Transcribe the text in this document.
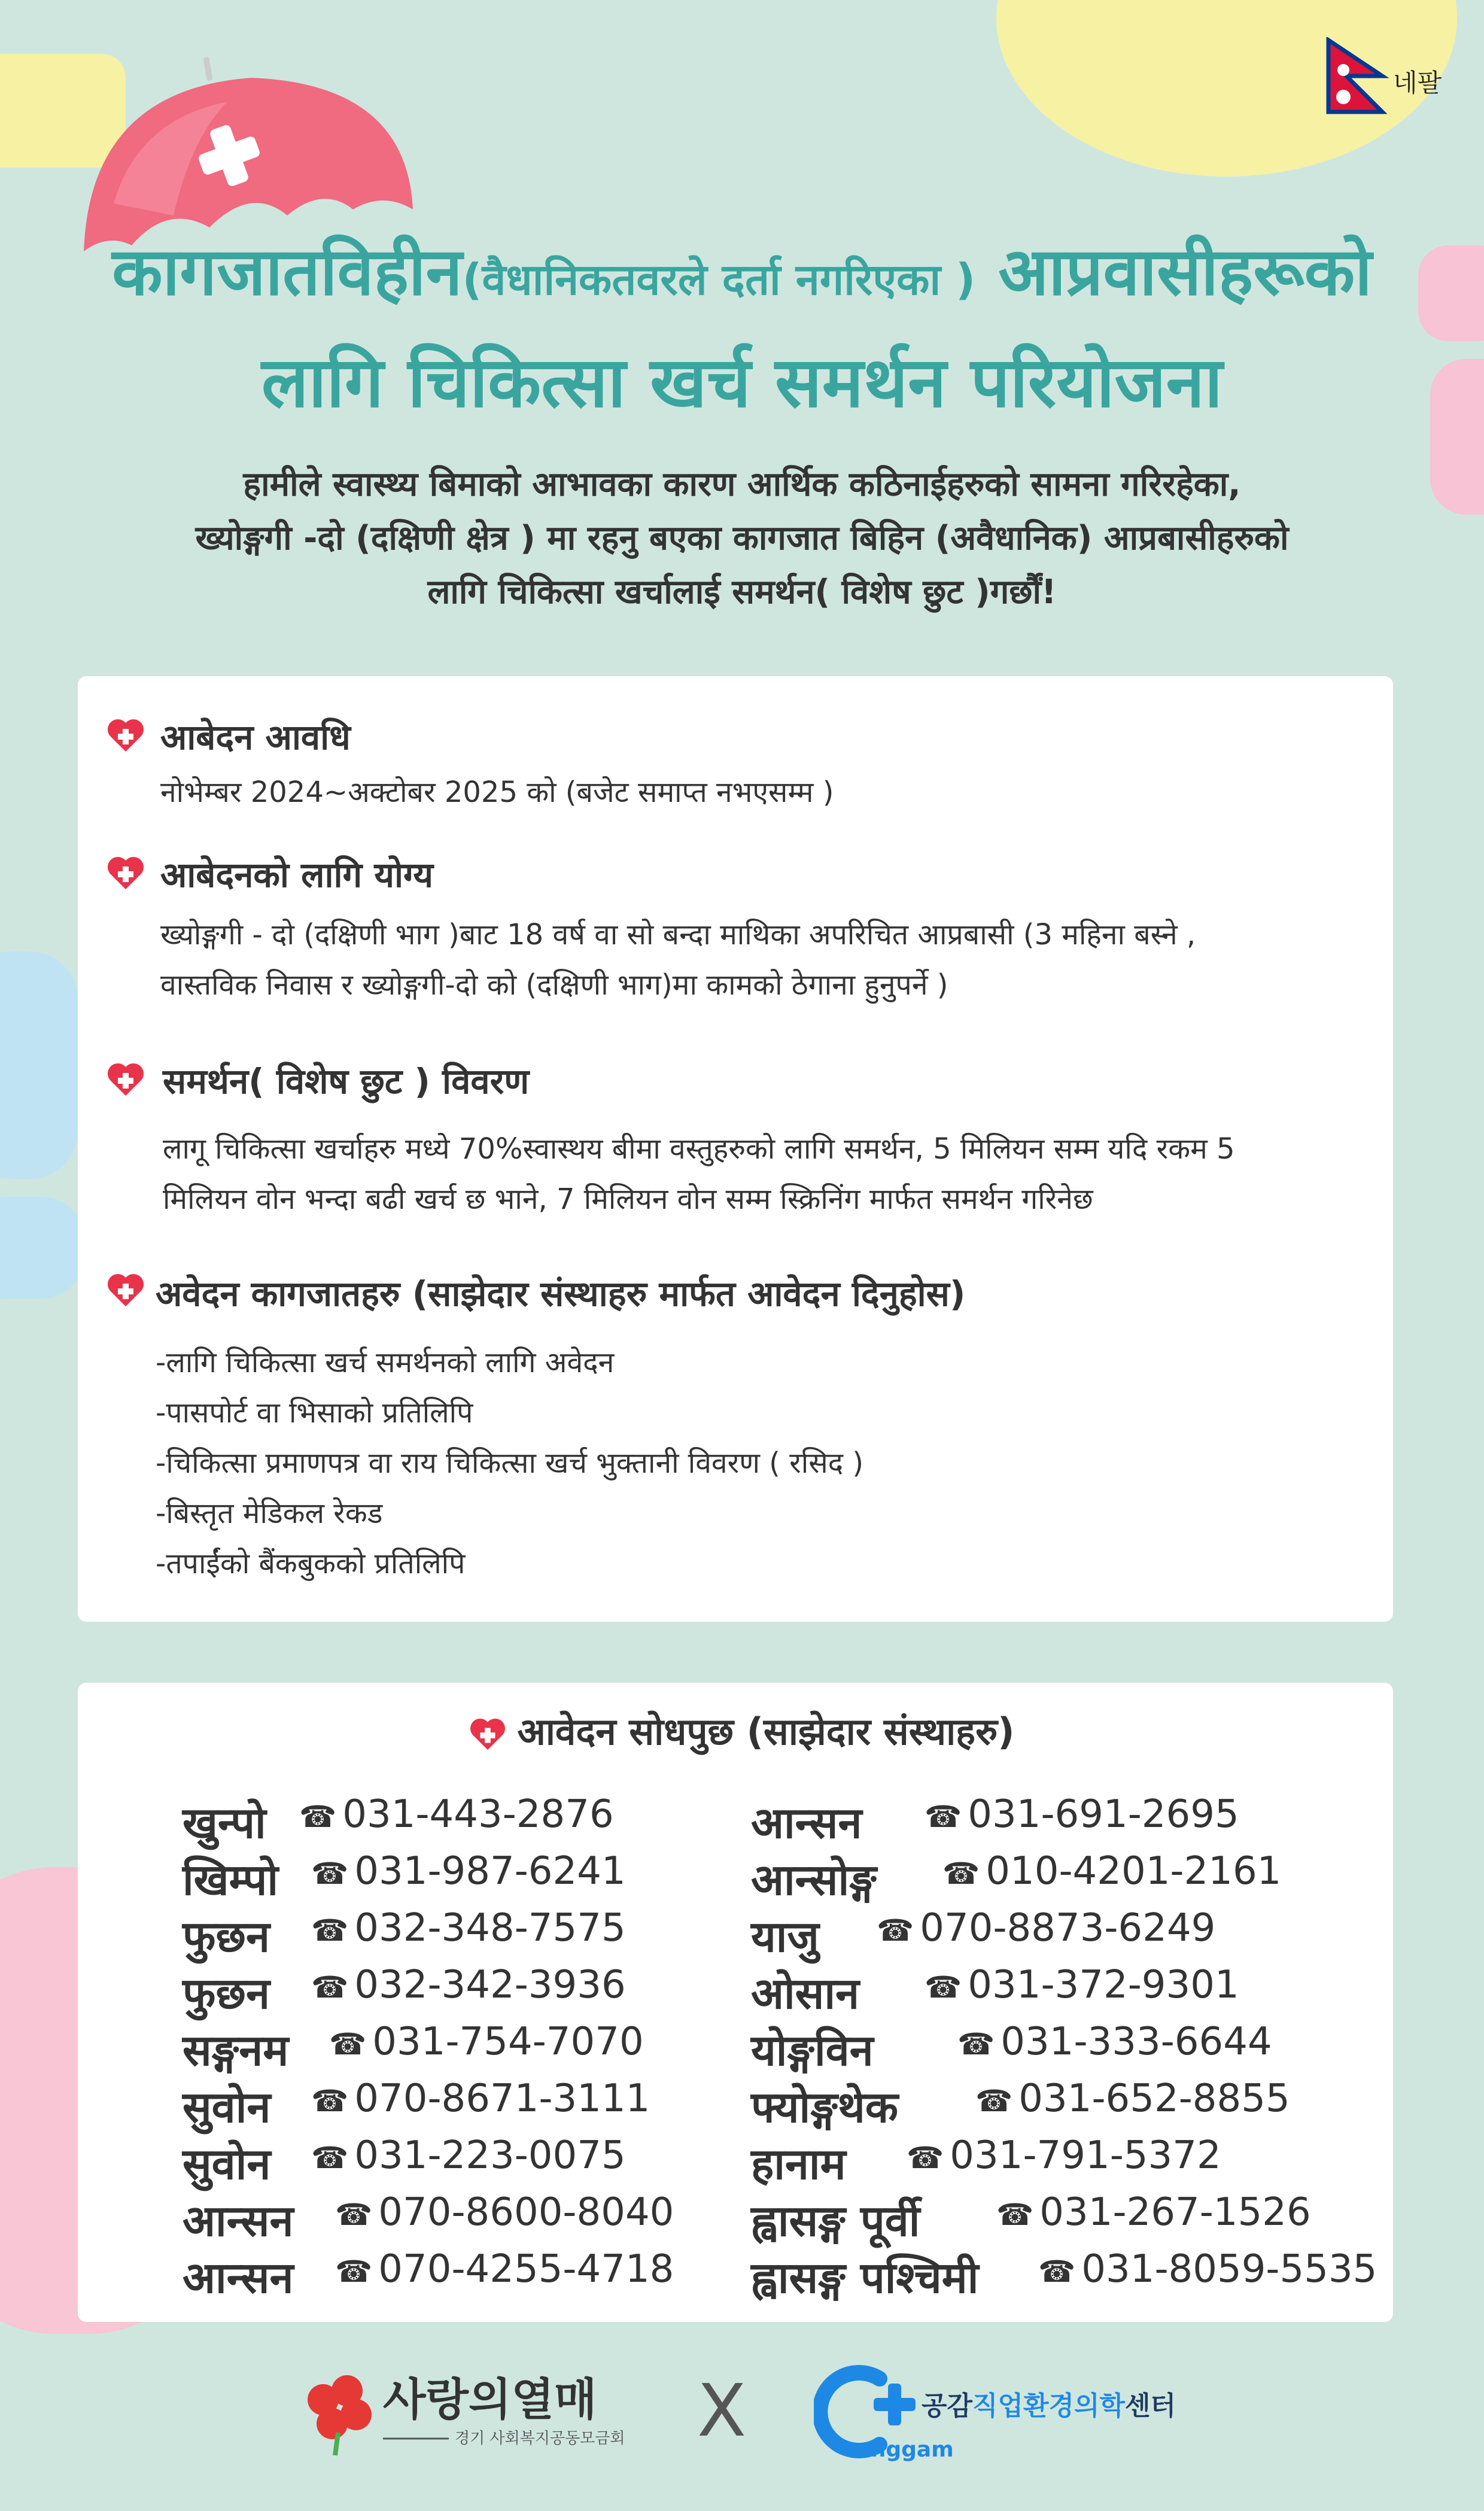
네팔
कागजातविहीन(वैधानिकतवरले दर्ता नगरिएका ) आप्रवासीहरूको
लागि चिकित्सा खर्च समर्थन परियोजना
हामीले स्वास्थ्य बिमाको आभावका कारण आर्थिक कठिनाईहरुको सामना गरिरहेका,
ख्योङ्गगी -दो (दक्षिणी क्षेत्र ) मा रहनु बएका कागजात बिहिन (अवैधानिक) आप्रबासीहरुको
लागि चिकित्सा खर्चालाई समर्थन( विशेष छुट )गर्छौं!
आबेदन आवधि
नोभेम्बर 2024~अक्टोबर 2025 को (बजेट समाप्त नभएसम्म )
आबेदनको लागि योग्य
ख्योङ्गगी - दो (दक्षिणी भाग )बाट 18 वर्ष वा सो बन्दा माथिका अपरिचित आप्रबासी (3 महिना बस्ने ,
वास्तविक निवास र ख्योङ्गगी-दो को (दक्षिणी भाग)मा कामको ठेगाना हुनुपर्ने )
समर्थन( विशेष छुट ) विवरण
लागू चिकित्सा खर्चाहरु मध्ये 70%स्वास्थय बीमा वस्तुहरुको लागि समर्थन, 5 मिलियन सम्म यदि रकम 5
मिलियन वोन भन्दा बढी खर्च छ भाने, 7 मिलियन वोन सम्म स्क्रिनिंग मार्फत समर्थन गरिनेछ
अवेदन कागजातहरु (साझेदार संस्थाहरु मार्फत आवेदन दिनुहोस)
-लागि चिकित्सा खर्च समर्थनको लागि अवेदन
-पासपोर्ट वा भिसाको प्रतिलिपि
-चिकित्सा प्रमाणपत्र वा राय चिकित्सा खर्च भुक्तानी विवरण ( रसिद )
-बिस्तृत मेडिकल रेकड
-तपाईंको बैंकबुकको प्रतिलिपि
आवेदन सोधपुछ (साझेदार संस्थाहरु)
खुन्पो ☎ 031-443-2876
खिम्पो ☎ 031-987-6241
फुछन ☎ 032-348-7575
फुछन ☎ 032-342-3936
सङ्गनम ☎ 031-754-7070
सुवोन ☎ 070-8671-3111
सुवोन ☎ 031-223-0075
आन्सन ☎ 070-8600-8040
आन्सन ☎ 070-4255-4718
आन्सन ☎ 031-691-2695
आन्सोङ्ग ☎ 010-4201-2161
याजु ☎ 070-8873-6249
ओसान ☎ 031-372-9301
योङ्गविन	☎ 031-333-6644
फ्योङ्गथेक	☎ 031-652-8855
हानाम ☎ 031-791-5372
ह्वासङ्ग पूर्वी	☎ 031-267-1526
ह्वासङ्ग पश्चिमी ☎ 031-8059-5535
사랑의열매
경기 사회복지공동모금회 X	공감직업환경의학센터
onggam
